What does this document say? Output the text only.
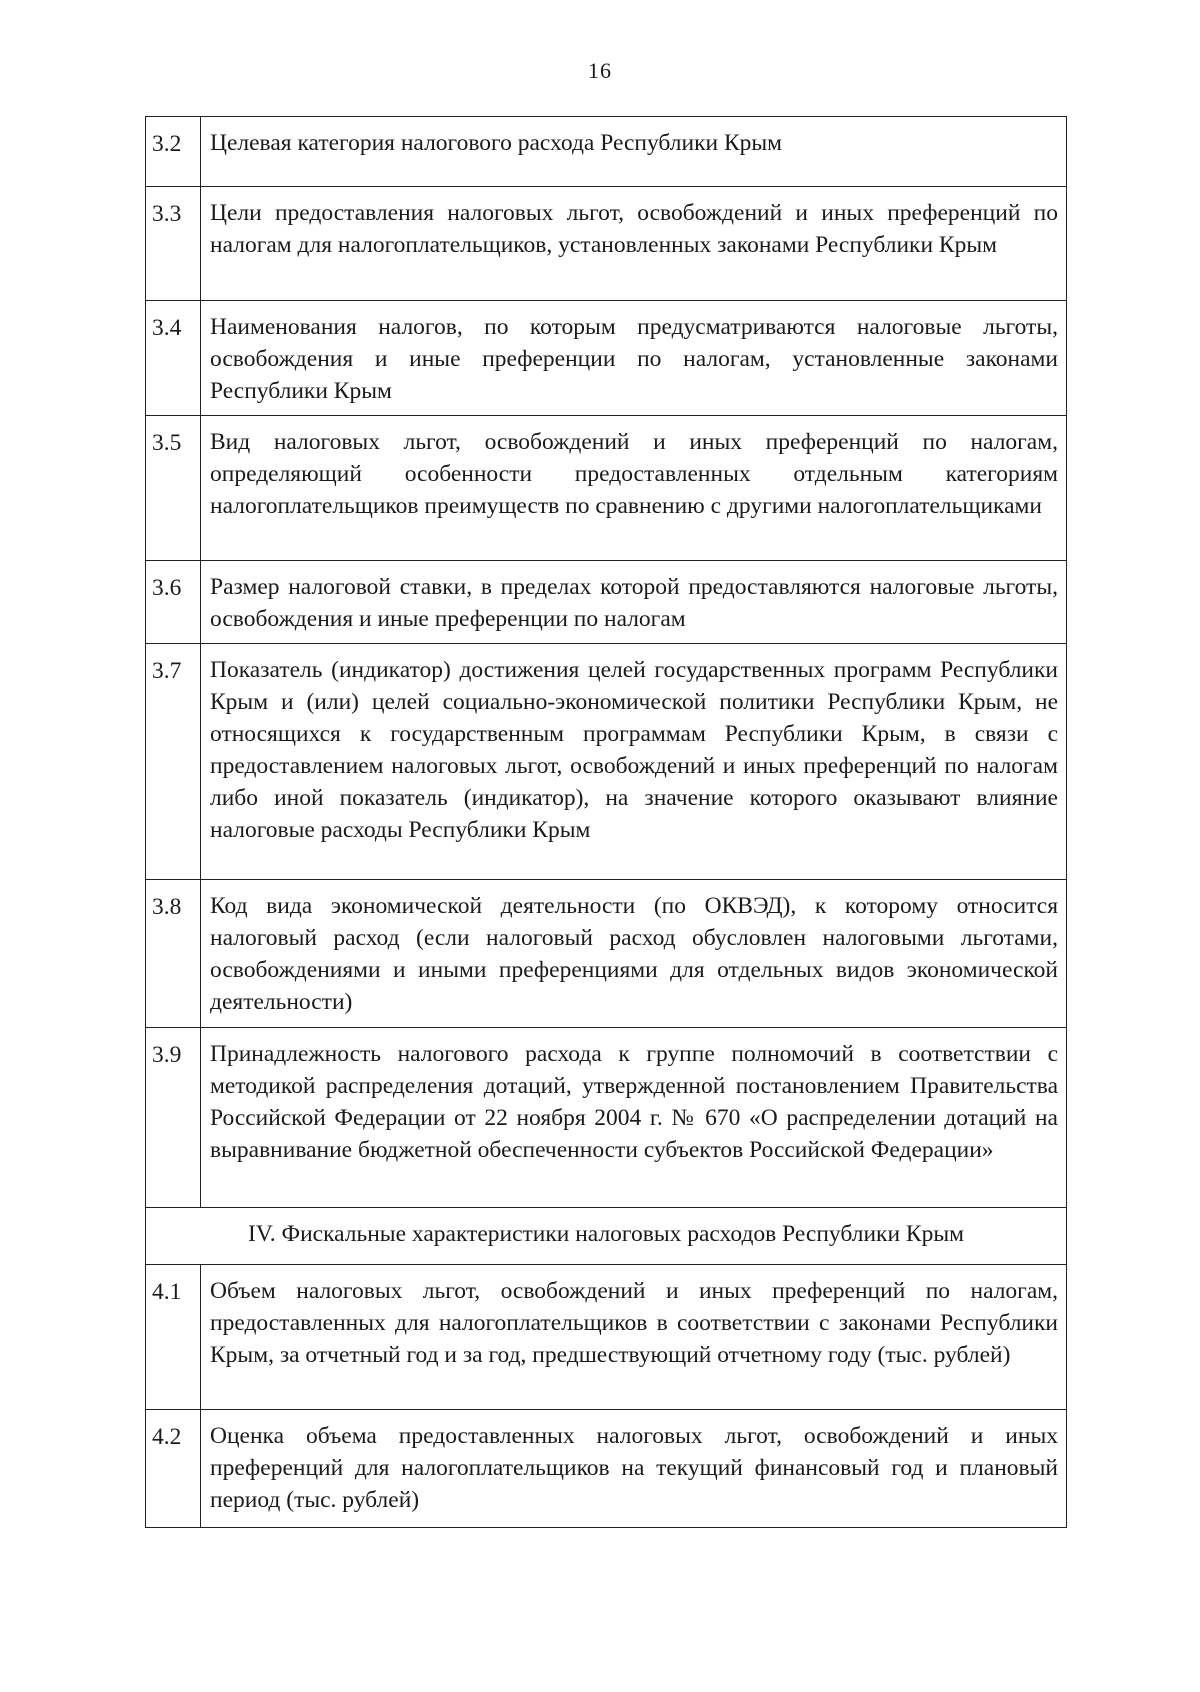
16
3.2	Целевая категория налогового расхода Республики Крым
3.3	Цели предоставления налоговых льгот, освобождений и иных преференций по налогам для налогоплательщиков, установленных законами Республики Крым
3.4	Наименования налогов, по которым предусматриваются налоговые льготы, освобождения и иные преференции по налогам, установленные законами Республики Крым
3.5	Вид налоговых льгот, освобождений и иных преференций по налогам, определяющий особенности предоставленных отдельным категориям налогоплательщиков преимуществ по сравнению с другими налогоплательщиками
3.6	Размер налоговой ставки, в пределах которой предоставляются налоговые льготы, освобождения и иные преференции по налогам
3.7	Показатель (индикатор) достижения целей государственных программ Республики Крым и (или) целей социально-экономической политики Республики Крым, не относящихся к государственным программам Республики Крым, в связи с предоставлением налоговых льгот, освобождений и иных преференций по налогам либо иной показатель (индикатор), на значение которого оказывают влияние налоговые расходы Республики Крым
3.8	Код вида экономической деятельности (по ОКВЭД), к которому относится налоговый расход (если налоговый расход обусловлен налоговыми льготами, освобождениями и иными преференциями для отдельных видов экономической деятельности)
3.9	Принадлежность налогового расхода к группе полномочий в соответствии с методикой распределения дотаций, утвержденной постановлением Правительства Российской Федерации от 22 ноября 2004 г. № 670 «О распределении дотаций на выравнивание бюджетной обеспеченности субъектов Российской Федерации»
IV. Фискальные характеристики налоговых расходов Республики Крым	
4.1	Объем налоговых льгот, освобождений и иных преференций по налогам, предоставленных для налогоплательщиков в соответствии с законами Республики Крым, за отчетный год и за год, предшествующий отчетному году (тыс. рублей)
4.2	Оценка объема предоставленных налоговых льгот, освобождений и иных преференций для налогоплательщиков на текущий финансовый год и плановый период (тыс. рублей)
